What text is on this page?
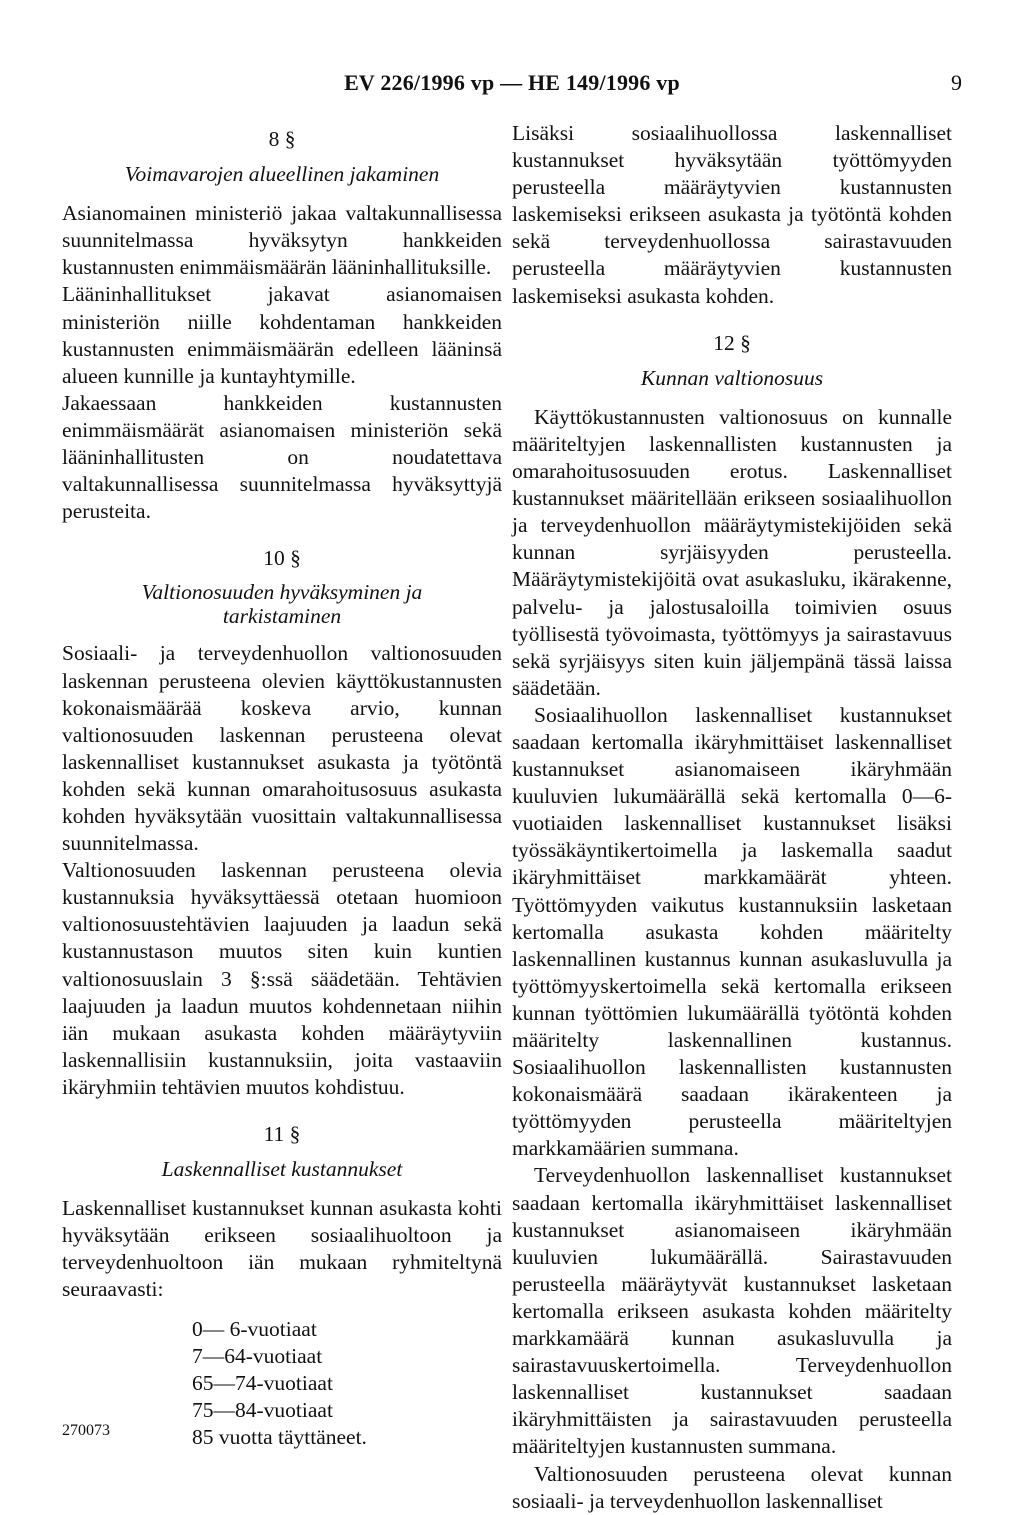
EV 226/1996 vp — HE 149/1996 vp	9
8 §
Voimavarojen alueellinen jakaminen

Asianomainen ministeriö jakaa valtakunnallisessa suunnitelmassa hyväksytyn hankkeiden kustannusten enimmäismäärän lääninhallituksille.

Lääninhallitukset jakavat asianomaisen ministeriön niille kohdentaman hankkeiden kustannusten enimmäismäärän edelleen lääninsä alueen kunnille ja kuntayhtymille.

Jakaessaan hankkeiden kustannusten enimmäismäärät asianomaisen ministeriön sekä lääninhallitusten on noudatettava valtakunnallisessa suunnitelmassa hyväksyttyjä perusteita.

10 §
Valtionosuuden hyväksyminen ja
tarkistaminen

Sosiaali- ja terveydenhuollon valtionosuuden laskennan perusteena olevien käyttökustannusten kokonaismäärää koskeva arvio, kunnan valtionosuuden laskennan perusteena olevat laskennalliset kustannukset asukasta ja työtöntä kohden sekä kunnan omarahoitusosuus asukasta kohden hyväksytään vuosittain valtakunnallisessa suunnitelmassa.

Valtionosuuden laskennan perusteena olevia kustannuksia hyväksyttäessä otetaan huomioon valtionosuustehtävien laajuuden ja laadun sekä kustannustason muutos siten kuin kuntien valtionosuuslain 3 §:ssä säädetään. Tehtävien laajuuden ja laadun muutos kohdennetaan niihin iän mukaan asukasta kohden määräytyviin laskennallisiin kustannuksiin, joita vastaaviin ikäryhmiin tehtävien muutos kohdistuu.

11 §
Laskennalliset kustannukset

Laskennalliset kustannukset kunnan asukasta kohti hyväksytään erikseen sosiaalihuoltoon ja terveydenhuoltoon iän mukaan ryhmiteltynä seuraavasti:

0— 6-vuotiaat
7—64-vuotiaat
65—74-vuotiaat
75—84-vuotiaat
85 vuotta täyttäneet.

Lisäksi sosiaalihuollossa laskennalliset kustannukset hyväksytään työttömyyden perusteella määräytyvien kustannusten laskemiseksi erikseen asukasta ja työtöntä kohden sekä terveydenhuollossa sairastavuuden perusteella määräytyvien kustannusten laskemiseksi asukasta kohden.

12 §
Kunnan valtionosuus

Käyttökustannusten valtionosuus on kunnalle määriteltyjen laskennallisten kustannusten ja omarahoitusosuuden erotus. Laskennalliset kustannukset määritellään erikseen sosiaalihuollon ja terveydenhuollon määräytymistekijöiden sekä kunnan syrjäisyyden perusteella. Määräytymistekijöitä ovat asukasluku, ikärakenne, palvelu- ja jalostusaloilla toimivien osuus työllisestä työvoimasta, työttömyys ja sairastavuus sekä syrjäisyys siten kuin jäljempänä tässä laissa säädetään.

Sosiaalihuollon laskennalliset kustannukset saadaan kertomalla ikäryhmittäiset laskennalliset kustannukset asianomaiseen ikäryhmään kuuluvien lukumäärällä sekä kertomalla 0—6-vuotiaiden laskennalliset kustannukset lisäksi työssäkäyntikertoimella ja laskemalla saadut ikäryhmittäiset markkamäärät yhteen. Työttömyyden vaikutus kustannuksiin lasketaan kertomalla asukasta kohden määritelty laskennallinen kustannus kunnan asukasluvulla ja työttömyyskertoimella sekä kertomalla erikseen kunnan työttömien lukumäärällä työtöntä kohden määritelty laskennallinen kustannus. Sosiaalihuollon laskennallisten kustannusten kokonaismäärä saadaan ikärakenteen ja työttömyyden perusteella määriteltyjen markkamäärien summana.

Terveydenhuollon laskennalliset kustannukset saadaan kertomalla ikäryhmittäiset laskennalliset kustannukset asianomaiseen ikäryhmään kuuluvien lukumäärällä. Sairastavuuden perusteella määräytyvät kustannukset lasketaan kertomalla erikseen asukasta kohden määritelty markkamäärä kunnan asukasluvulla ja sairastavuuskertoimella. Terveydenhuollon laskennalliset kustannukset saadaan ikäryhmittäisten ja sairastavuuden perusteella määriteltyjen kustannusten summana.

Valtionosuuden perusteena olevat kunnan sosiaali- ja terveydenhuollon laskennalliset

270073
